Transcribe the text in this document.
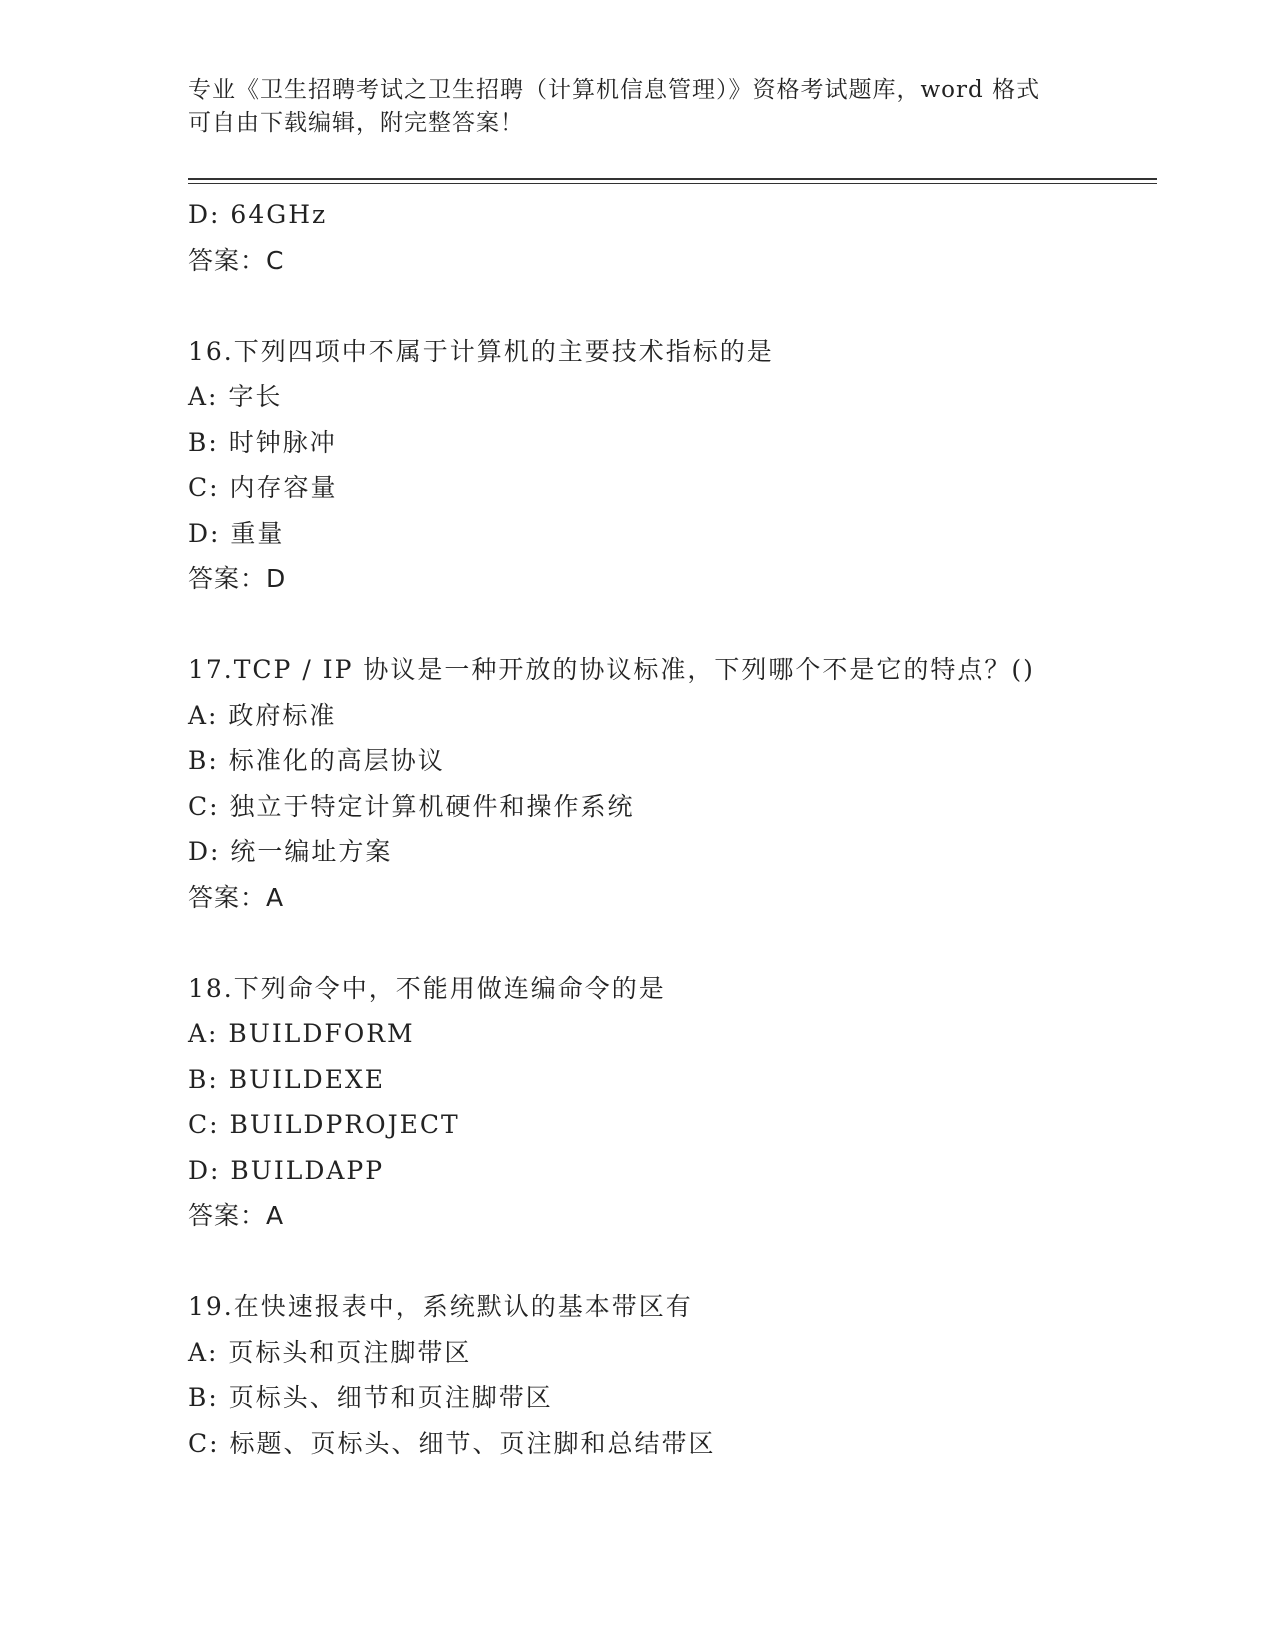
专业《卫生招聘考试之卫生招聘（计算机信息管理）》资格考试题库，word 格式
可自由下载编辑，附完整答案！
D: 64GHz
答案：C
16.下列四项中不属于计算机的主要技术指标的是
A: 字长
B: 时钟脉冲
C: 内存容量
D: 重量
答案：D
17.TCP / IP 协议是一种开放的协议标准，下列哪个不是它的特点？()
A: 政府标准
B: 标准化的高层协议
C: 独立于特定计算机硬件和操作系统
D: 统一编址方案
答案：A
18.下列命令中，不能用做连编命令的是
A: BUILDFORM
B: BUILDEXE
C: BUILDPROJECT
D: BUILDAPP
答案：A
19.在快速报表中，系统默认的基本带区有
A: 页标头和页注脚带区
B: 页标头、细节和页注脚带区
C: 标题、页标头、细节、页注脚和总结带区
